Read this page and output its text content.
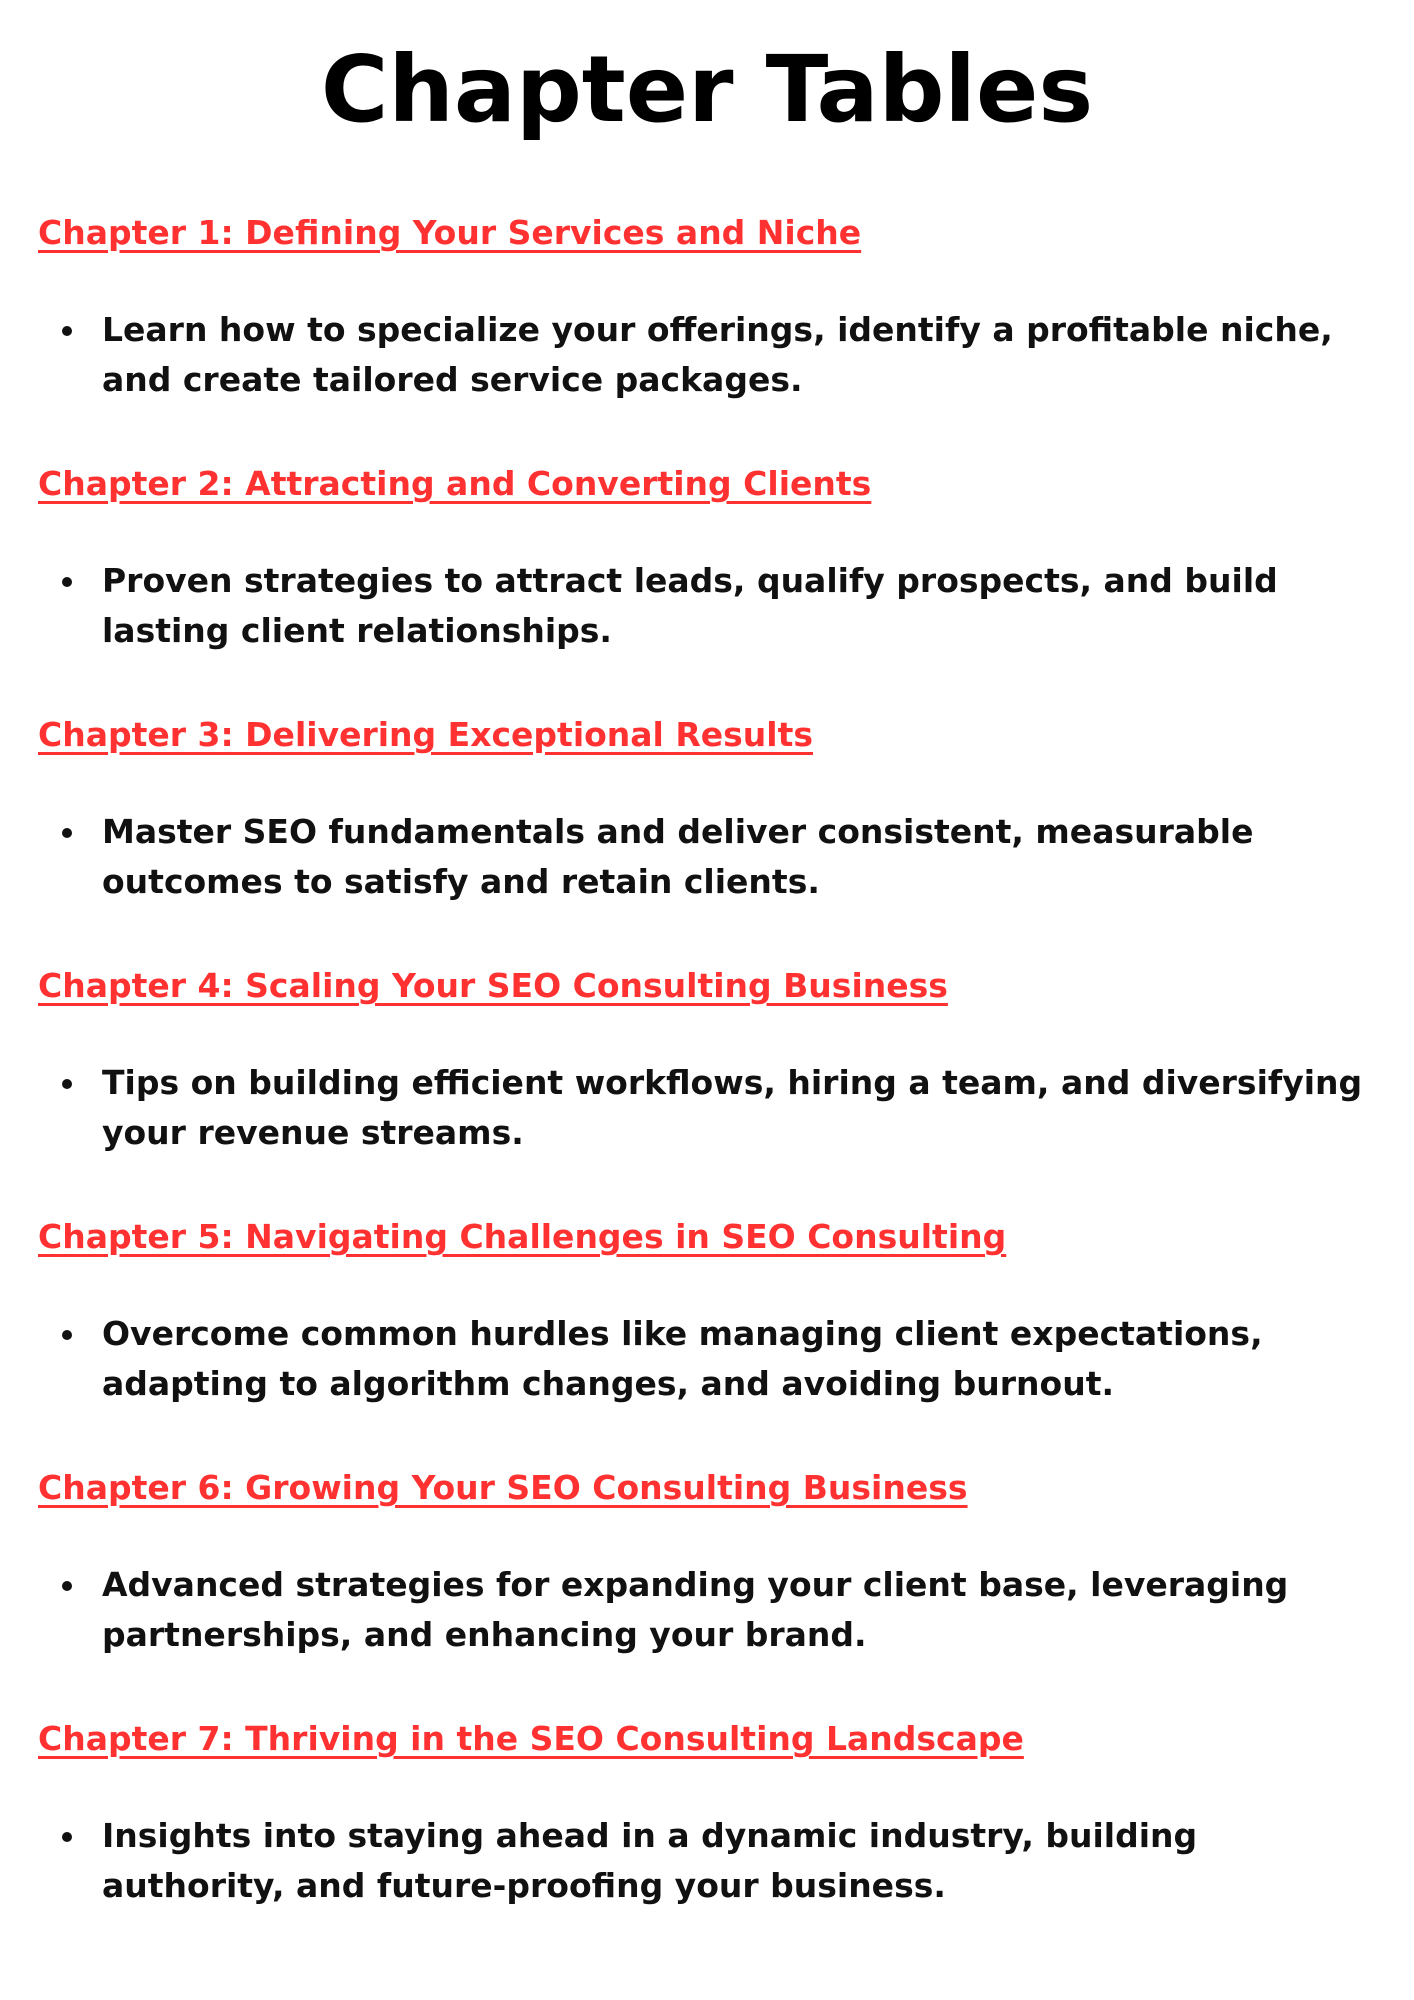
Chapter Tables
Chapter 1: Defining Your Services and Niche
Learn how to specialize your offerings, identify a profitable niche, and create tailored service packages.
Chapter 2: Attracting and Converting Clients
Proven strategies to attract leads, qualify prospects, and build lasting client relationships.
Chapter 3: Delivering Exceptional Results
Master SEO fundamentals and deliver consistent, measurable outcomes to satisfy and retain clients.
Chapter 4: Scaling Your SEO Consulting Business
Tips on building efficient workflows, hiring a team, and diversifying your revenue streams.
Chapter 5: Navigating Challenges in SEO Consulting
Overcome common hurdles like managing client expectations, adapting to algorithm changes, and avoiding burnout.
Chapter 6: Growing Your SEO Consulting Business
Advanced strategies for expanding your client base, leveraging partnerships, and enhancing your brand.
Chapter 7: Thriving in the SEO Consulting Landscape
Insights into staying ahead in a dynamic industry, building authority, and future-proofing your business.
